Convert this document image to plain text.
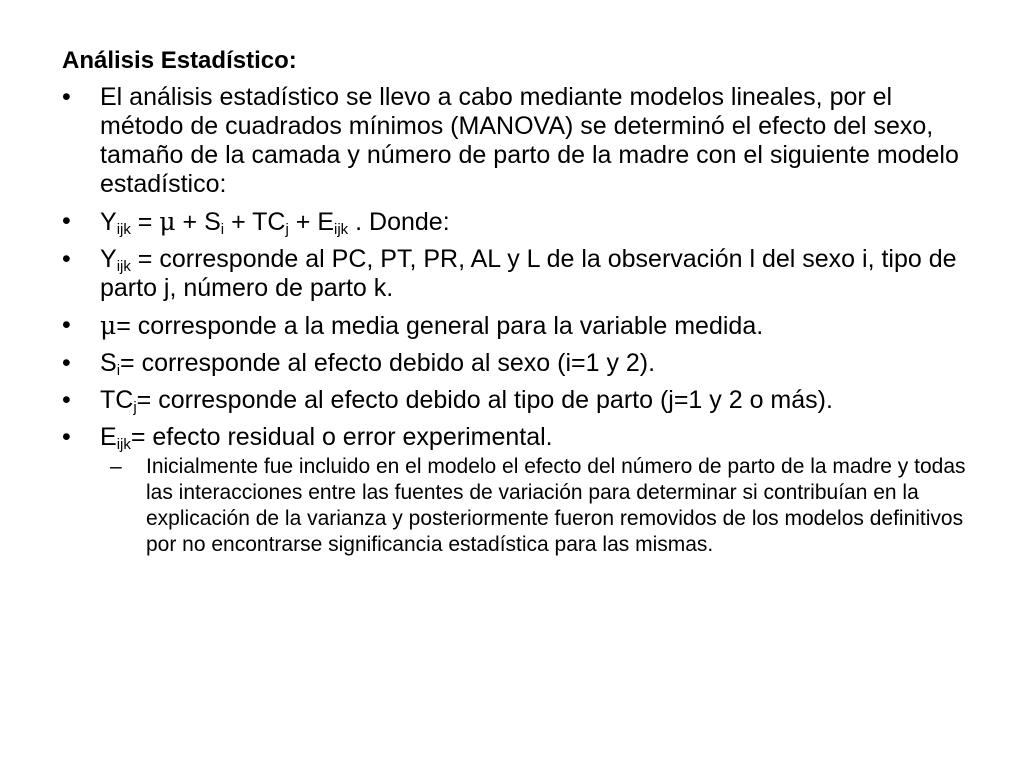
Análisis Estadístico:
•	El análisis estadístico se llevo a cabo mediante modelos lineales, por el método de cuadrados mínimos (MANOVA) se determinó el efecto del sexo, tamaño de la camada y número de parto de la madre con el siguiente modelo estadístico:
•	$Y_{ijk} = \mu + S_i + TC_j + E_{ijk}$ . Donde:
•	$Y_{ijk}$ = corresponde al PC, PT, PR, AL y L de la observación l del sexo i, tipo de parto j, número de parto k.
•	μ= corresponde a la media general para la variable medida.
•	$S_i=$ corresponde al efecto debido al sexo (i=1 y 2).
•	$TC_j=$ corresponde al efecto debido al tipo de parto (j=1 y 2 o más).
•	$E_{ijk}=$ efecto residual o error experimental.
– Inicialmente fue incluido en el modelo el efecto del número de parto de la madre y todas las interacciones entre las fuentes de variación para determinar si contribuían en la explicación de la varianza y posteriormente fueron removidos de los modelos definitivos por no encontrarse significancia estadística para las mismas.
